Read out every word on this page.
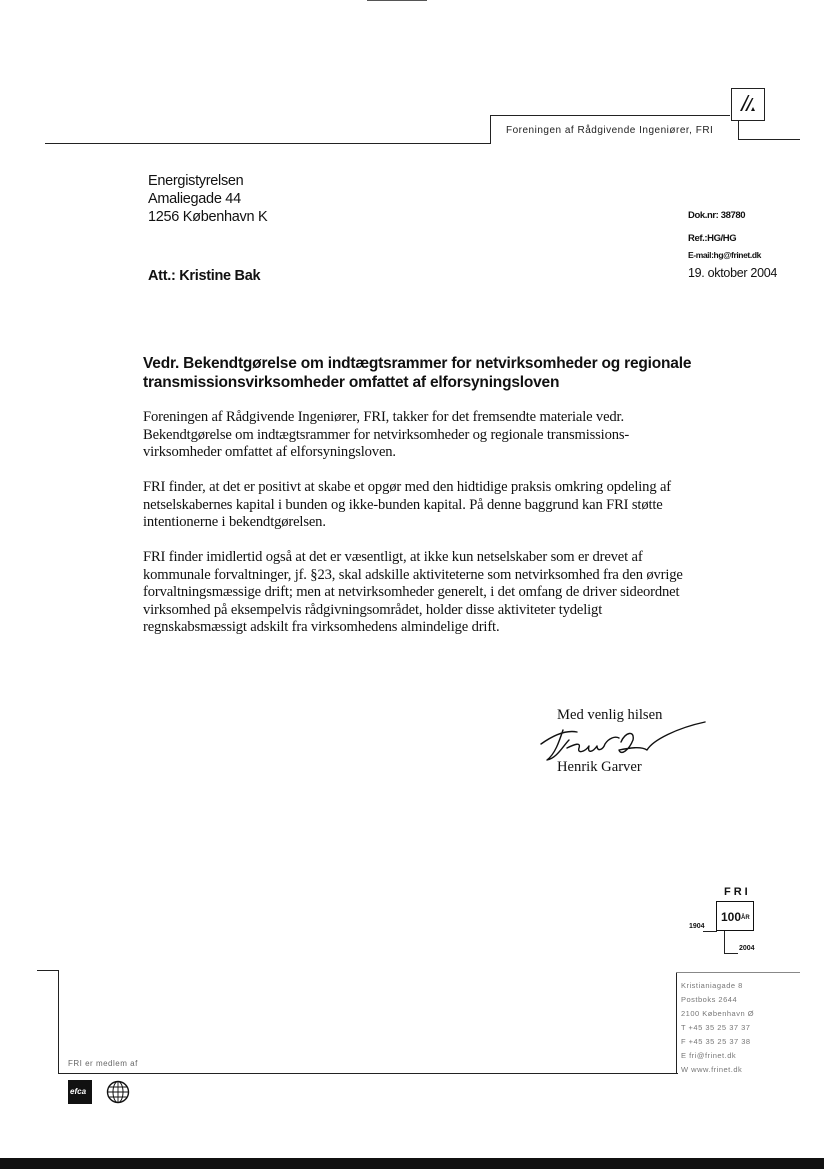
Foreningen af Rådgivende Ingeniører, FRI
Energistyrelsen
Amaliegade 44
1256 København K
Att.: Kristine Bak
Dok.nr: 38780
Ref.:HG/HG
E-mail:hg@frinet.dk
19. oktober 2004
Vedr. Bekendtgørelse om indtægtsrammer for netvirksomheder og regionale transmissionsvirksomheder omfattet af elforsyningsloven
Foreningen af Rådgivende Ingeniører, FRI, takker for det fremsendte materiale vedr. Bekendtgørelse om indtægtsrammer for netvirksomheder og regionale transmissions-virksomheder omfattet af elforsyningsloven.
FRI finder, at det er positivt at skabe et opgør med den hidtidige praksis omkring opdeling af netselskabernes kapital i bunden og ikke-bunden kapital. På denne baggrund kan FRI støtte intentionerne i bekendtgørelsen.
FRI finder imidlertid også at det er væsentligt, at ikke kun netselskaber som er drevet af kommunale forvaltninger, jf. §23, skal adskille aktiviteterne som netvirksomhed fra den øvrige forvaltningsmæssige drift; men at netvirksomheder generelt, i det omfang de driver sideordnet virksomhed på eksempelvis rådgivningsområdet, holder disse aktiviteter tydeligt regnskabsmæssigt adskilt fra virksomhedens almindelige drift.
Med venlig hilsen
Henrik Garver
FRI
100 ÅR
1904
2004
FRI er medlem af
Kristianiagade 8
Postboks 2644
2100 København Ø
T +45 35 25 37 37
F +45 35 25 37 38
E fri@frinet.dk
W www.frinet.dk
efca
